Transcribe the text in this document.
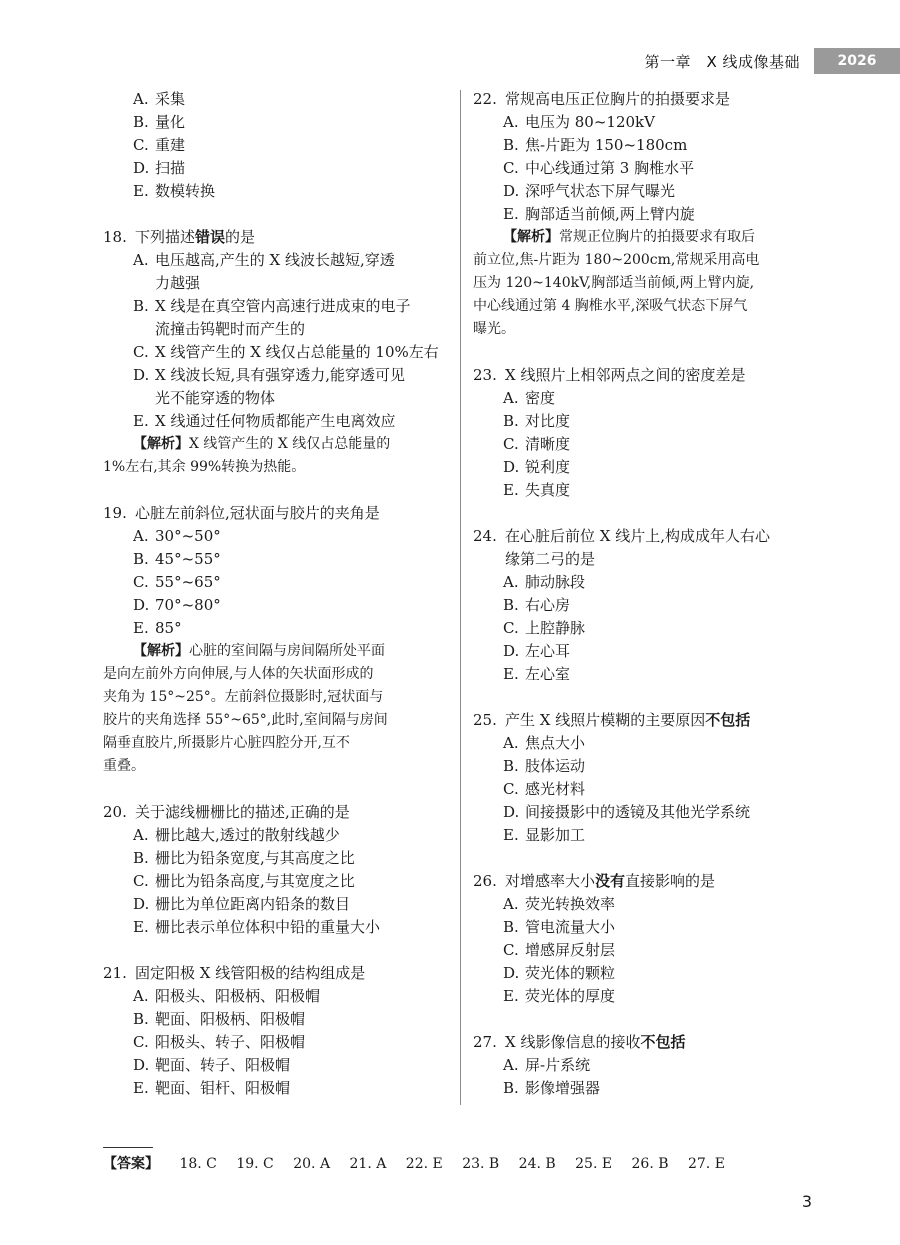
第一章　X 线成像基础	2026
A. 采集
B. 量化
C. 重建
D. 扫描
E. 数模转换
18. 下列描述错误的是
A. 电压越高,产生的 X 线波长越短,穿透
力越强
B. X 线是在真空管内高速行进成束的电子
流撞击钨靶时而产生的
C. X 线管产生的 X 线仅占总能量的 10%左右
D. X 线波长短,具有强穿透力,能穿透可见
光不能穿透的物体
E. X 线通过任何物质都能产生电离效应
【解析】X 线管产生的 X 线仅占总能量的
1%左右,其余 99%转换为热能。
19. 心脏左前斜位,冠状面与胶片的夹角是
A. 30°~50°
B. 45°~55°
C. 55°~65°
D. 70°~80°
E. 85°
【解析】心脏的室间隔与房间隔所处平面
是向左前外方向伸展,与人体的矢状面形成的
夹角为 15°~25°。左前斜位摄影时,冠状面与
胶片的夹角选择 55°~65°,此时,室间隔与房间
隔垂直胶片,所摄影片心脏四腔分开,互不
重叠。
20. 关于滤线栅栅比的描述,正确的是
A. 栅比越大,透过的散射线越少
B. 栅比为铅条宽度,与其高度之比
C. 栅比为铅条高度,与其宽度之比
D. 栅比为单位距离内铅条的数目
E. 栅比表示单位体积中铅的重量大小
21. 固定阳极 X 线管阳极的结构组成是
A. 阳极头、阳极柄、阳极帽
B. 靶面、阳极柄、阳极帽
C. 阳极头、转子、阳极帽
D. 靶面、转子、阳极帽
E. 靶面、钼杆、阳极帽
22. 常规高电压正位胸片的拍摄要求是
A. 电压为 80~120kV
B. 焦-片距为 150~180cm
C. 中心线通过第 3 胸椎水平
D. 深呼气状态下屏气曝光
E. 胸部适当前倾,两上臂内旋
【解析】常规正位胸片的拍摄要求有取后
前立位,焦-片距为 180~200cm,常规采用高电
压为 120~140kV,胸部适当前倾,两上臂内旋,
中心线通过第 4 胸椎水平,深吸气状态下屏气
曝光。
23. X 线照片上相邻两点之间的密度差是
A. 密度
B. 对比度
C. 清晰度
D. 锐利度
E. 失真度
24. 在心脏后前位 X 线片上,构成成年人右心
缘第二弓的是
A. 肺动脉段
B. 右心房
C. 上腔静脉
D. 左心耳
E. 左心室
25. 产生 X 线照片模糊的主要原因不包括
A. 焦点大小
B. 肢体运动
C. 感光材料
D. 间接摄影中的透镜及其他光学系统
E. 显影加工
26. 对增感率大小没有直接影响的是
A. 荧光转换效率
B. 管电流量大小
C. 增感屏反射层
D. 荧光体的颗粒
E. 荧光体的厚度
27. X 线影像信息的接收不包括
A. 屏-片系统
B. 影像增强器
【答案】 18. C 19. C 20. A 21. A 22. E 23. B 24. B 25. E 26. B 27. E
3
